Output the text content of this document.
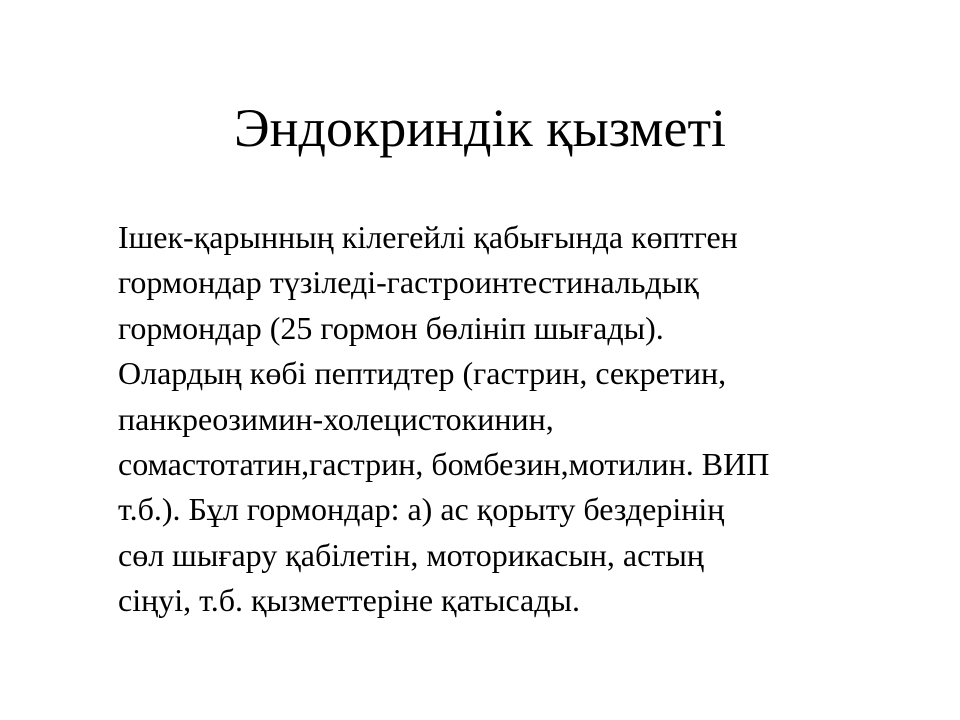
Эндокриндік қызметі
Ішек-қарынның кілегейлі қабығында көптген
гормондар түзіледі-гастроинтестинальдық
гормондар (25 гормон бөлініп шығады).
Олардың көбі пептидтер (гастрин, секретин,
панкреозимин-холецистокинин,
сомастотатин,гастрин, бомбезин,мотилин. ВИП
т.б.). Бұл гормондар: а) ас қорыту бездерінің
сөл шығару қабілетін, моторикасын, астың
сіңуі, т.б. қызметтеріне қатысады.
